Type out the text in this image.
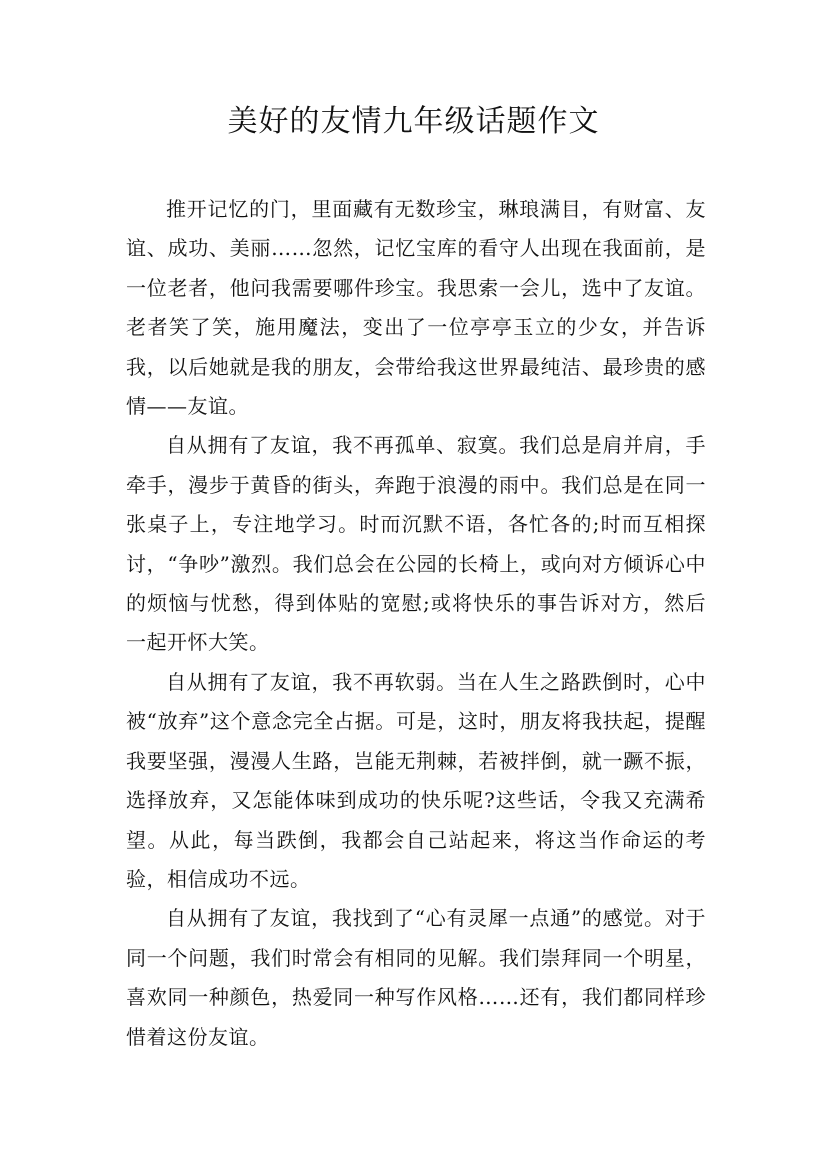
美好的友情九年级话题作文

推开记忆的门，里面藏有无数珍宝，琳琅满目，有财富、友谊、成功、美丽……忽然，记忆宝库的看守人出现在我面前，是一位老者，他问我需要哪件珍宝。我思索一会儿，选中了友谊。老者笑了笑，施用魔法，变出了一位亭亭玉立的少女，并告诉我，以后她就是我的朋友，会带给我这世界最纯洁、最珍贵的感情——友谊。

自从拥有了友谊，我不再孤单、寂寞。我们总是肩并肩，手牵手，漫步于黄昏的街头，奔跑于浪漫的雨中。我们总是在同一张桌子上，专注地学习。时而沉默不语，各忙各的;时而互相探讨，“争吵”激烈。我们总会在公园的长椅上，或向对方倾诉心中的烦恼与忧愁，得到体贴的宽慰;或将快乐的事告诉对方，然后一起开怀大笑。

自从拥有了友谊，我不再软弱。当在人生之路跌倒时，心中被“放弃”这个意念完全占据。可是，这时，朋友将我扶起，提醒我要坚强，漫漫人生路，岂能无荆棘，若被拌倒，就一蹶不振，选择放弃，又怎能体味到成功的快乐呢?这些话，令我又充满希望。从此，每当跌倒，我都会自己站起来，将这当作命运的考验，相信成功不远。

自从拥有了友谊，我找到了“心有灵犀一点通”的感觉。对于同一个问题，我们时常会有相同的见解。我们崇拜同一个明星，喜欢同一种颜色，热爱同一种写作风格……还有，我们都同样珍惜着这份友谊。
